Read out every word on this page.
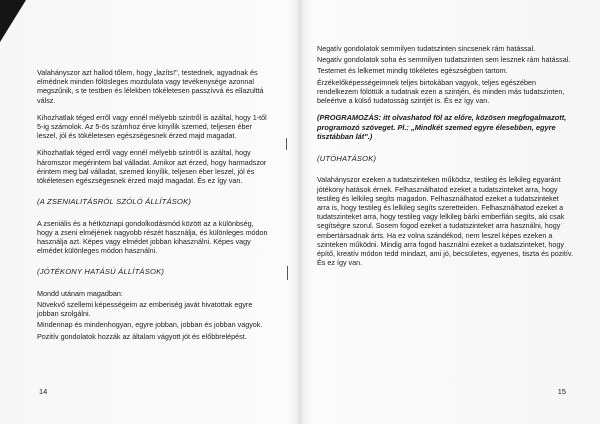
Valahányszor azt hallod tőlem, hogy „lazíts!", testednek, agyadnak és elmédnek minden fölösleges mozdulata vagy tevékenysége azonnal megszűnik, s te testben és lélekben tökéletesen passzívvá és ellazulttá válsz.

Kihozhatlak téged erről vagy ennél mélyebb szintről is azáltal, hogy 1-től 5-ig számolok. Az 5-ös számhoz érve kinyílik szemed, teljesen éber leszel, jól és tökéletesen egészségesnek érzed majd magadat.

Kihozhatlak téged erről vagy ennél mélyebb szintről is azáltal, hogy háromszor megérintem bal válladat. Amikor azt érzed, hogy harmadszor érintem meg bal válladat, szemed kinyílik, teljesen éber leszel, jól és tökéletesen egészségesnek érzed majd magadat. És ez így van.

(A ZSENIALITÁSRÓL SZÓLÓ ÁLLÍTÁSOK)

A zseniális és a hétköznapi gondolkodásmód között az a különbség, hogy a zseni elméjének nagyobb részét használja, és különleges módon használja azt. Képes vagy elmédet jobban kihasználni. Képes vagy elmédet különleges módon használni.

(JÓTÉKONY HATÁSÚ ÁLLÍTÁSOK)

Mondd utánam magadban:

Növekvő szellemi képességeim az emberiség javát hivatottak egyre jobban szolgálni.

Mindennap és mindenhogyan, egyre jobban, jobban és jobban vagyok.

Pozitív gondolatok hozzák az általam vágyott jót és előbbrelépést.

14

Negatív gondolatok semmilyen tudatszinten sincsenek rám hatással.

Negatív gondolatok soha és semmilyen tudatszinten sem lesznek rám hatással.

Testemet és lelkemet mindig tökéletes egészségben tartom.

Érzékelőképességeimnek teljes birtokában vagyok, teljes egészében rendelkezem fölöttük a tudatnak ezen a szintjén, és minden más tudatszinten, beleértve a külső tudatosság szintjét is. És ez így van.

(PROGRAMOZÁS: itt olvashatod föl az előre, közösen megfogalmazott, programozó szöveget. Pl.: „Mindkét szemed egyre élesebben, egyre tisztábban lát".)

(UTÓHATÁSOK)

Valahányszor ezeken a tudatszinteken működsz, testileg és lelkileg egyaránt jótékony hatások érnek. Felhasználhatod ezeket a tudatszinteket arra, hogy testileg és lelkileg segíts magadon. Felhasználhatod ezeket a tudatszinteket arra is, hogy testileg és lelkileg segíts szeretteiden. Felhasználhatod ezeket a tudatszinteket arra, hogy testileg vagy lelkileg bárki emberfián segíts, aki csak segítségre szorul. Sosem fogod ezeket a tudatszinteket arra használni, hogy embertársadnak árts. Ha ez volna szándékod, nem leszel képes ezeken a szinteken működni. Mindig arra fogod használni ezeket a tudatszinteket, hogy építő, kreatív módon tedd mindazt, ami jó, becsületes, egyenes, tiszta és pozitív. És ez így van.

15
